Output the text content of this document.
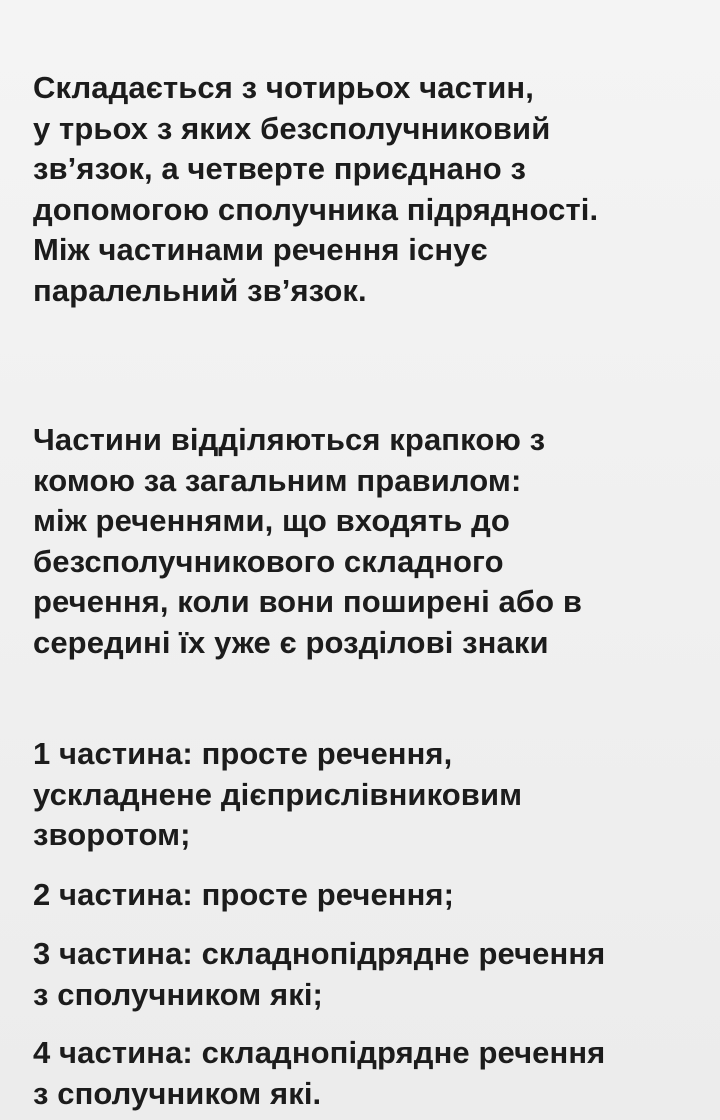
Складається з чотирьох частин,
у трьох з яких безсполучниковий
зв’язок, а четверте приєднано з
допомогою сполучника підрядності.
Між частинами речення існує
паралельний зв’язок.

Частини відділяються крапкою з
комою за загальним правилом:
між реченнями, що входять до
безсполучникового складного
речення, коли вони поширені або в
середині їх уже є розділові знаки

1 частина: просте речення,
ускладнене дієприслівниковим
зворотом;

2 частина: просте речення;

3 частина: складнопідрядне речення
з сполучником які;

4 частина: складнопідрядне речення
з сполучником які.
